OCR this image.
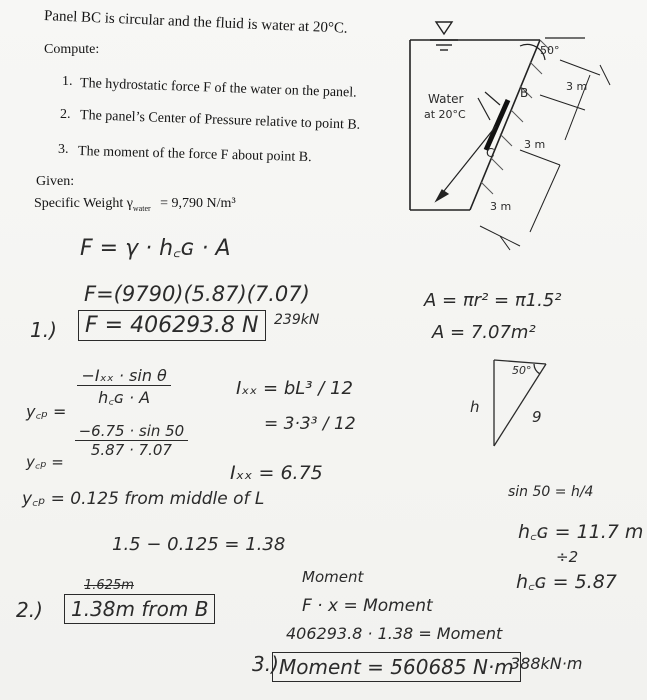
Panel BC is circular and the fluid is water at 20°C.
Compute:
1. The hydrostatic force F of the water on the panel.
2. The panel’s Center of Pressure relative to point B.
3. The moment of the force F about point B.
Given:
Specific Weight $\gamma_{water} = 9,790$ N/m³
Water
at 20°C
50°
3 m
3 m
3 m
B
C
F = γ · h꜀ɢ · A
F=(9790)(5.87)(7.07)
1.)	F = 406293.8 N	239kN
A = πr² = π1.5²
A = 7.07m²
y꜀ₚ =
−Iₓₓ · sin θ
h꜀ɢ · A	Iₓₓ = bL³ / 12
= 3·3³ / 12
y꜀ₚ =
$\frac{-6.75 \cdot \sin 50}{5.87 \cdot 7.07}$
Iₓₓ = 6.75
y꜀ₚ = 0.125 from middle of L
50°
h
9
sin 50 = h/4
h꜀ɢ = 11.7 m
÷2
h꜀ɢ = 5.87
1.5 − 0.125 = 1.38
Moment
F · x = Moment
406293.8 · 1.38 = Moment
2.)
1.625m
1.38m from B
3.) Moment = 560685 N·m
388kN·m
